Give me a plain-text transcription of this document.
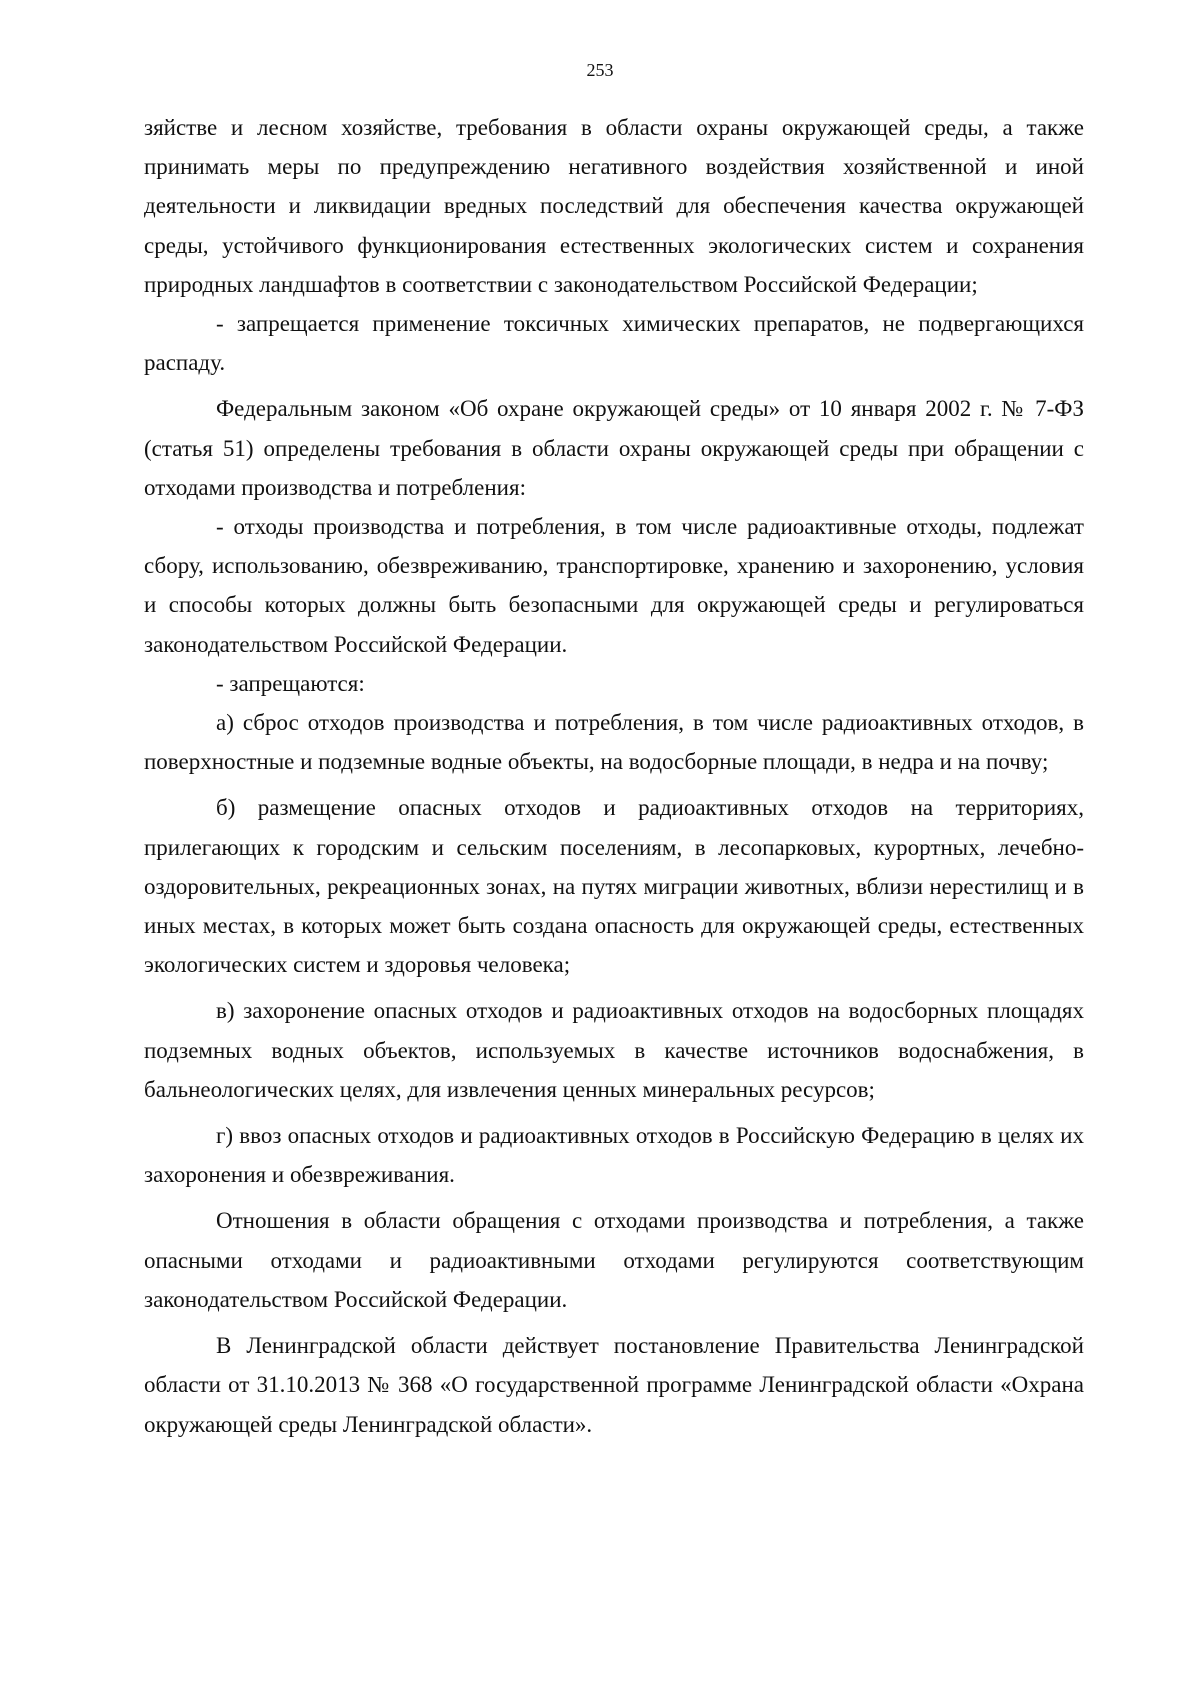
253

зяйстве и лесном хозяйстве, требования в области охраны окружающей среды, а также принимать меры по предупреждению негативного воздействия хозяйственной и иной деятельности и ликвидации вредных последствий для обеспечения качества окружающей среды, устойчивого функционирования естественных экологических систем и сохранения природных ландшафтов в соответствии с законодательством Российской Федерации;

- запрещается применение токсичных химических препаратов, не подвергающихся распаду.

Федеральным законом «Об охране окружающей среды» от 10 января 2002 г. № 7-ФЗ (статья 51) определены требования в области охраны окружающей среды при обращении с отходами производства и потребления:

- отходы производства и потребления, в том числе радиоактивные отходы, подлежат сбору, использованию, обезвреживанию, транспортировке, хранению и захоронению, условия и способы которых должны быть безопасными для окружающей среды и регулироваться законодательством Российской Федерации.

- запрещаются:

а) сброс отходов производства и потребления, в том числе радиоактивных отходов, в поверхностные и подземные водные объекты, на водосборные площади, в недра и на почву;

б) размещение опасных отходов и радиоактивных отходов на территориях, прилегающих к городским и сельским поселениям, в лесопарковых, курортных, лечебно-оздоровительных, рекреационных зонах, на путях миграции животных, вблизи нерестилищ и в иных местах, в которых может быть создана опасность для окружающей среды, естественных экологических систем и здоровья человека;

в) захоронение опасных отходов и радиоактивных отходов на водосборных площадях подземных водных объектов, используемых в качестве источников водоснабжения, в бальнеологических целях, для извлечения ценных минеральных ресурсов;

г) ввоз опасных отходов и радиоактивных отходов в Российскую Федерацию в целях их захоронения и обезвреживания.

Отношения в области обращения с отходами производства и потребления, а также опасными отходами и радиоактивными отходами регулируются соответствующим законодательством Российской Федерации.

В Ленинградской области действует постановление Правительства Ленинградской области от 31.10.2013 № 368 «О государственной программе Ленинградской области «Охрана окружающей среды Ленинградской области».
